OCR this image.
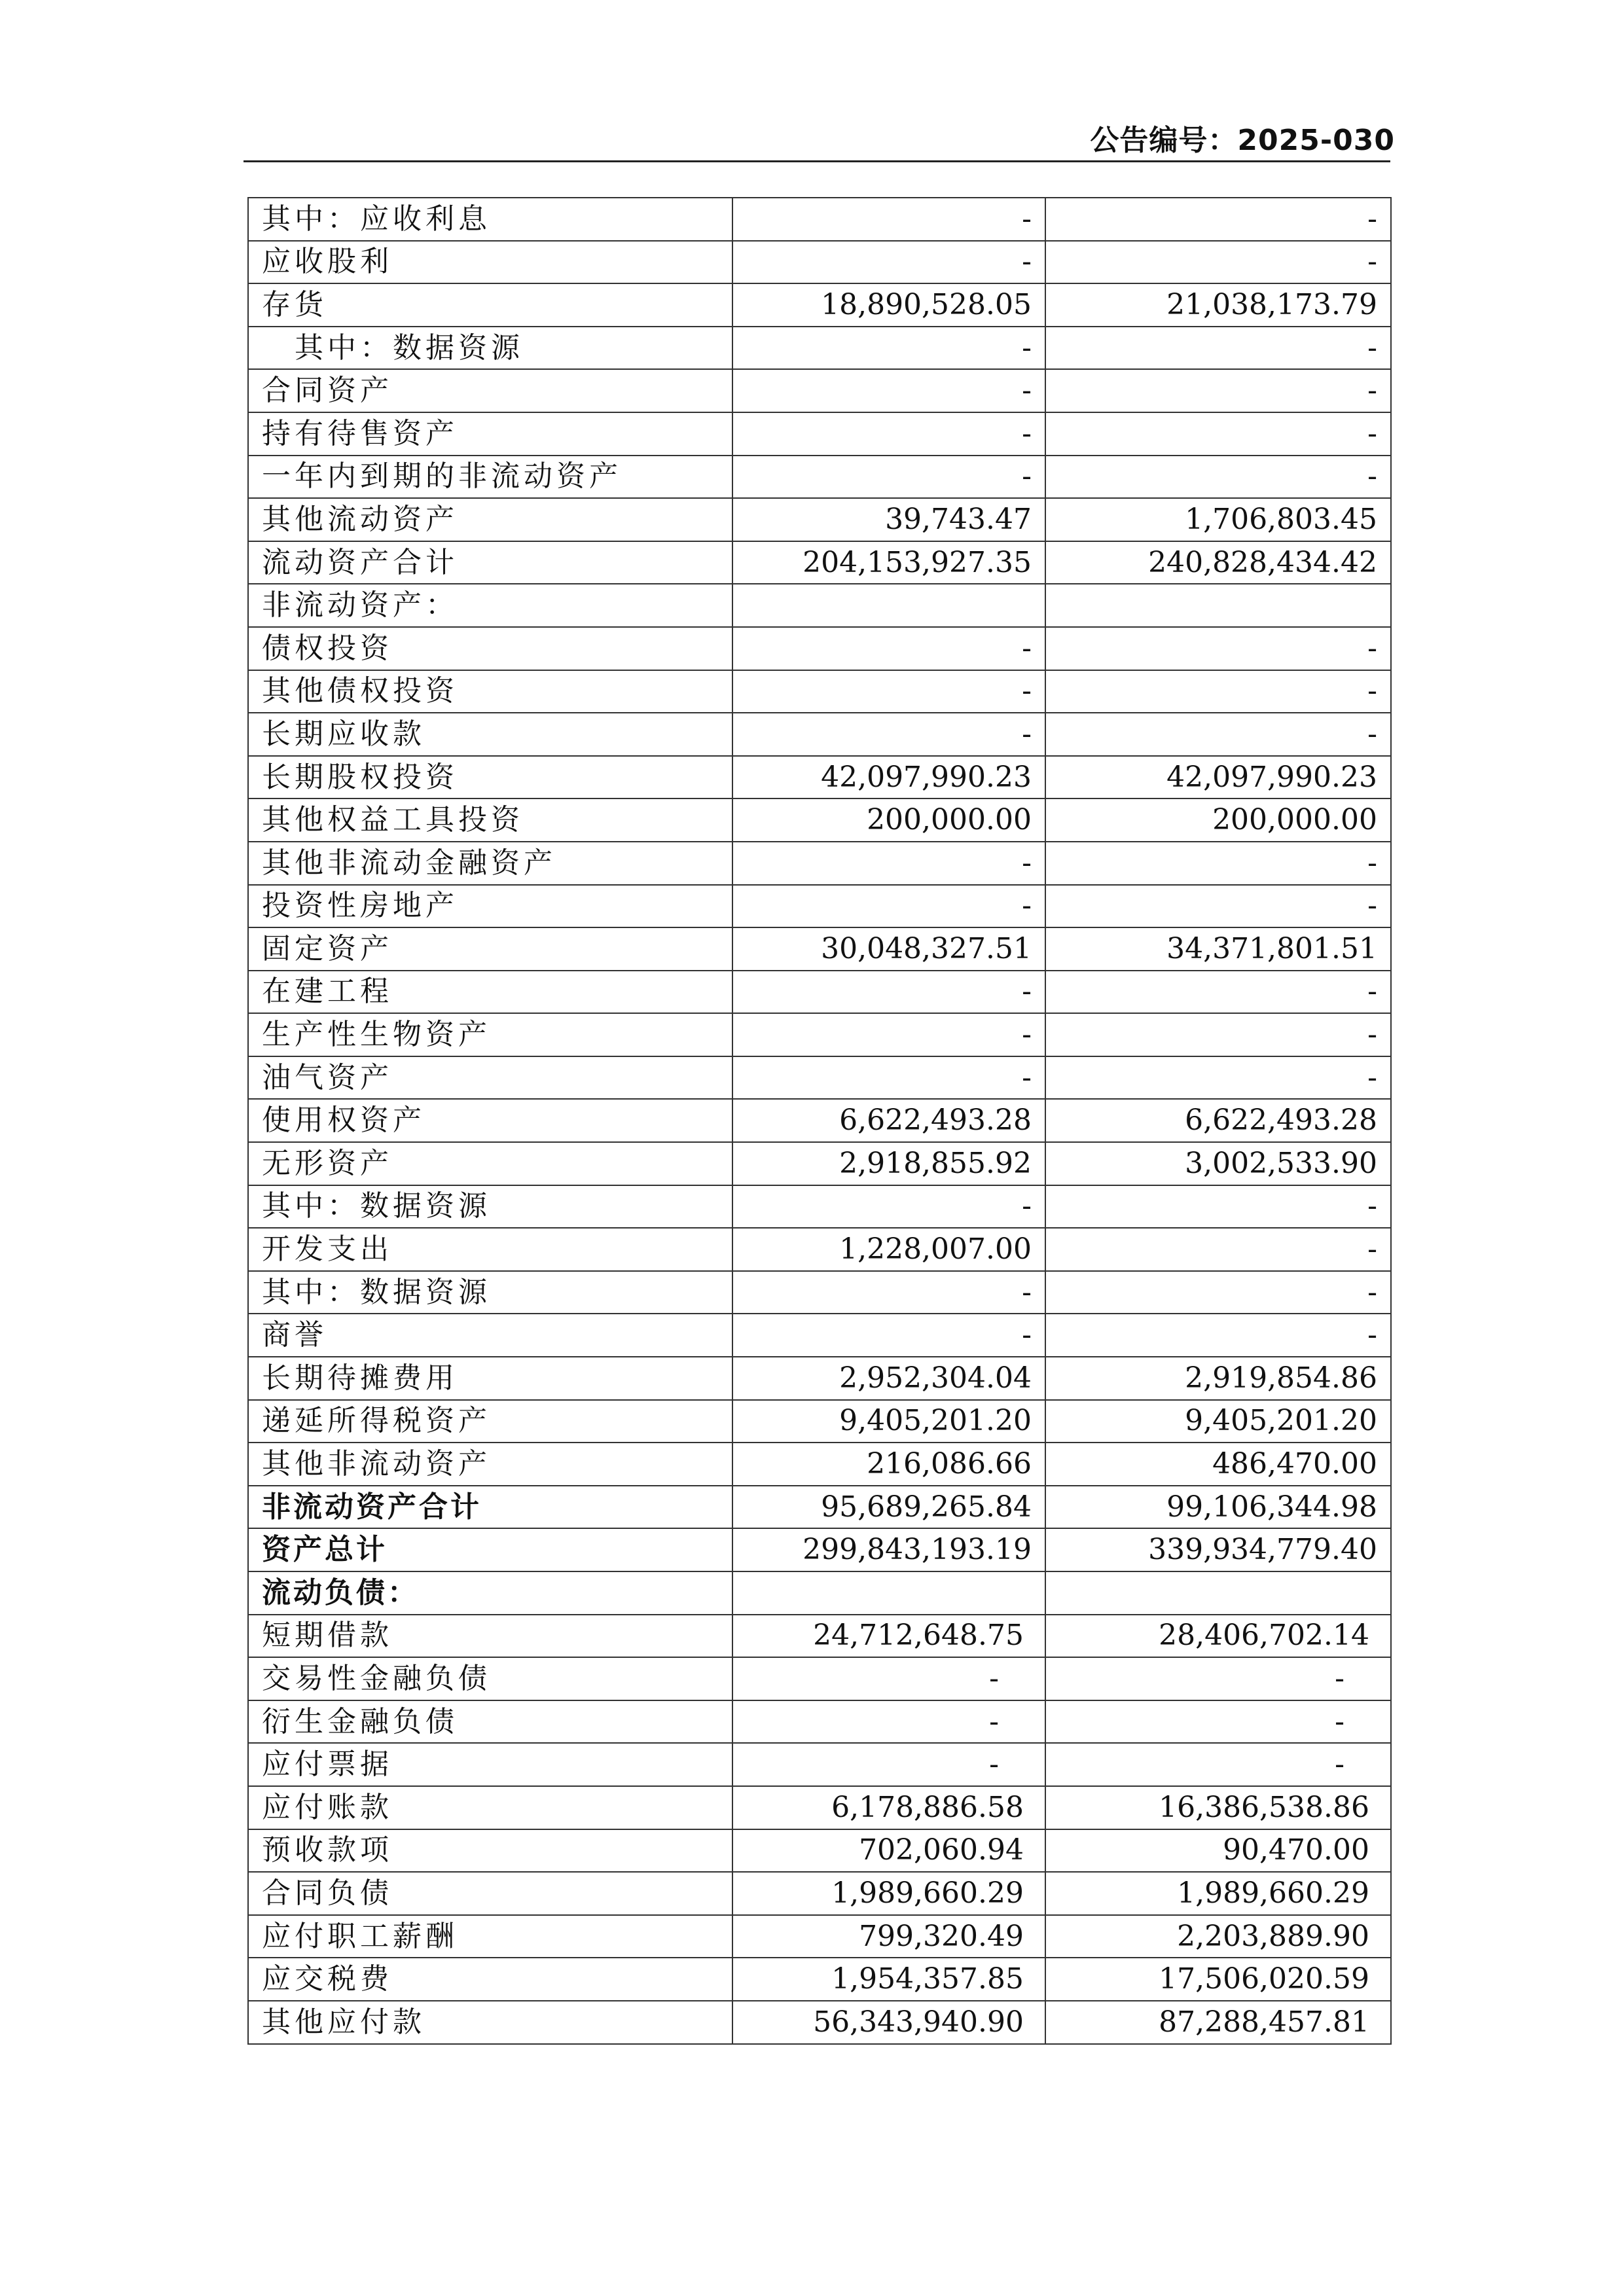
公告编号：2025-030
其中：应收利息	-	-
应收股利	-	-
存货	18,890,528.05	21,038,173.79
其中：数据资源	-	-
合同资产	-	-
持有待售资产	-	-
一年内到期的非流动资产	-	-
其他流动资产	39,743.47	1,706,803.45
流动资产合计	204,153,927.35	240,828,434.42
非流动资产：		
债权投资	-	-
其他债权投资	-	-
长期应收款	-	-
长期股权投资	42,097,990.23	42,097,990.23
其他权益工具投资	200,000.00	200,000.00
其他非流动金融资产	-	-
投资性房地产	-	-
固定资产	30,048,327.51	34,371,801.51
在建工程	-	-
生产性生物资产	-	-
油气资产	-	-
使用权资产	6,622,493.28	6,622,493.28
无形资产	2,918,855.92	3,002,533.90
其中：数据资源	-	-
开发支出	1,228,007.00	-
其中：数据资源	-	-
商誉	-	-
长期待摊费用	2,952,304.04	2,919,854.86
递延所得税资产	9,405,201.20	9,405,201.20
其他非流动资产	216,086.66	486,470.00
非流动资产合计	95,689,265.84	99,106,344.98
资产总计	299,843,193.19	339,934,779.40
流动负债：		
短期借款	24,712,648.75	28,406,702.14
交易性金融负债	-	-
衍生金融负债	-	-
应付票据	-	-
应付账款	6,178,886.58	16,386,538.86
预收款项	702,060.94	90,470.00
合同负债	1,989,660.29	1,989,660.29
应付职工薪酬	799,320.49	2,203,889.90
应交税费	1,954,357.85	17,506,020.59
其他应付款	56,343,940.90	87,288,457.81
